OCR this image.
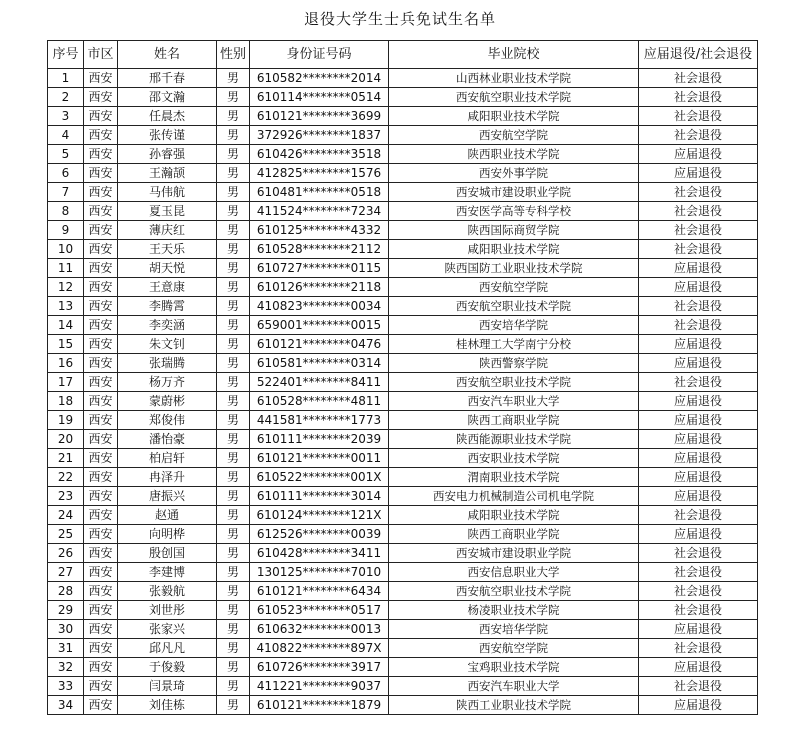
退役大学生士兵免试生名单
序号	市区	姓名	性别	身份证号码	毕业院校	应届退役/社会退役
1	西安	邢千春	男	610582********2014	山西林业职业技术学院	社会退役
2	西安	邵文瀚	男	610114********0514	西安航空职业技术学院	社会退役
3	西安	任晨杰	男	610121********3699	咸阳职业技术学院	社会退役
4	西安	张传谨	男	372926********1837	西安航空学院	社会退役
5	西安	孙睿强	男	610426********3518	陕西职业技术学院	应届退役
6	西安	王瀚颉	男	412825********1576	西安外事学院	应届退役
7	西安	马伟航	男	610481********0518	西安城市建设职业学院	社会退役
8	西安	夏玉昆	男	411524********7234	西安医学高等专科学校	社会退役
9	西安	薄庆红	男	610125********4332	陕西国际商贸学院	社会退役
10	西安	王天乐	男	610528********2112	咸阳职业技术学院	社会退役
11	西安	胡天悦	男	610727********0115	陕西国防工业职业技术学院	应届退役
12	西安	王意康	男	610126********2118	西安航空学院	应届退役
13	西安	李腾霄	男	410823********0034	西安航空职业技术学院	社会退役
14	西安	李奕涵	男	659001********0015	西安培华学院	社会退役
15	西安	朱文钊	男	610121********0476	桂林理工大学南宁分校	应届退役
16	西安	张瑞腾	男	610581********0314	陕西警察学院	应届退役
17	西安	杨万齐	男	522401********8411	西安航空职业技术学院	社会退役
18	西安	蒙蔚彬	男	610528********4811	西安汽车职业大学	应届退役
19	西安	郑俊伟	男	441581********1773	陕西工商职业学院	应届退役
20	西安	潘怡豪	男	610111********2039	陕西能源职业技术学院	应届退役
21	西安	柏启轩	男	610121********0011	西安职业技术学院	应届退役
22	西安	冉泽升	男	610522********001X	渭南职业技术学院	应届退役
23	西安	唐振兴	男	610111********3014	西安电力机械制造公司机电学院	应届退役
24	西安	赵通	男	610124********121X	咸阳职业技术学院	社会退役
25	西安	向明桦	男	612526********0039	陕西工商职业学院	应届退役
26	西安	殷创国	男	610428********3411	西安城市建设职业学院	社会退役
27	西安	李建博	男	130125********7010	西安信息职业大学	社会退役
28	西安	张毅航	男	610121********6434	西安航空职业技术学院	社会退役
29	西安	刘世彤	男	610523********0517	杨凌职业技术学院	社会退役
30	西安	张家兴	男	610632********0013	西安培华学院	应届退役
31	西安	邱凡凡	男	410822********897X	西安航空学院	社会退役
32	西安	于俊毅	男	610726********3917	宝鸡职业技术学院	应届退役
33	西安	闫景琦	男	411221********9037	西安汽车职业大学	社会退役
34	西安	刘佳栋	男	610121********1879	陕西工业职业技术学院	应届退役
